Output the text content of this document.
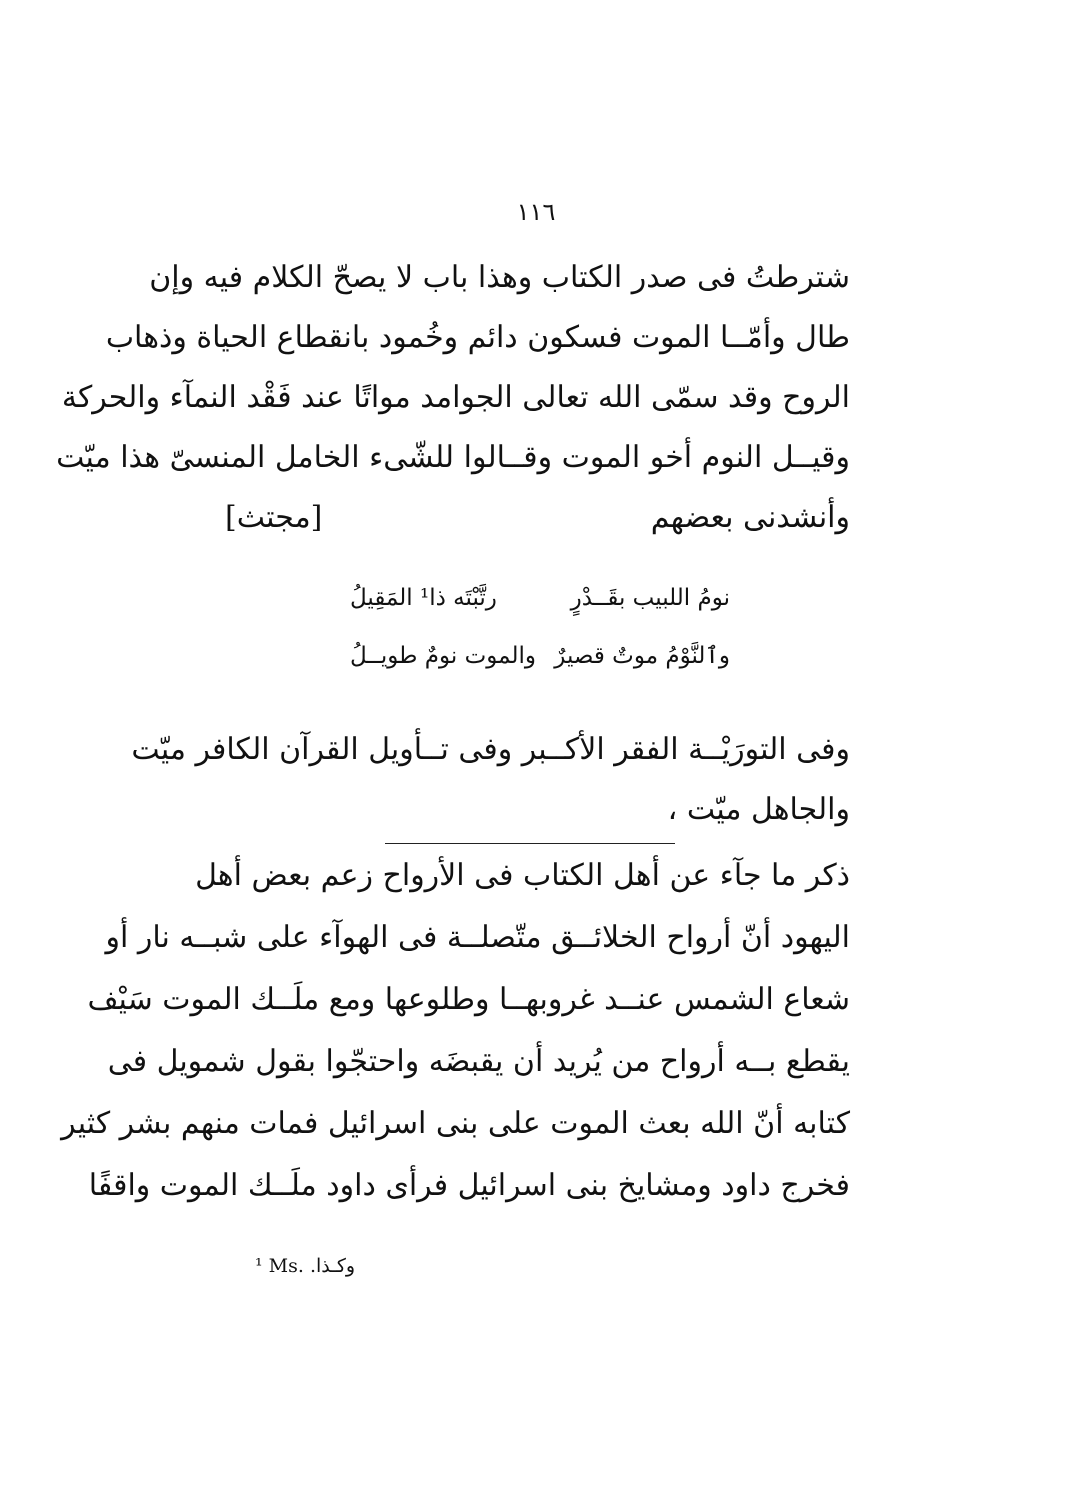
١١٦
شترطتُ فى صدر الكتاب وهذا باب لا يصحّ الكلام فيه وإن
طال وأمّــا الموت فسكون دائم وخُمود بانقطاع الحياة وذهاب
الروح وقد سمّى الله تعالى الجوامد مواتًا عند فَقْد النمآء والحركة
وقيــل النوم أخو الموت وقــالوا للشّىء الخامل المنسىّ هذا ميّت
وأنشدنى بعضهم
[مجتث]
نومُ اللبيب بقَــدْرٍ
رتَّبْتَه ذا¹ المَقِيلُ
وٱلنَّوْمُ موتٌ قصيرٌ
والموت نومٌ طويــلُ
وفى التورَيْــة الفقر الأكــبر وفى تــأويل القرآن الكافر ميّت
والجاهل ميّت ،
ذكر ما جآء عن أهل الكتاب فى الأرواح زعم بعض أهل
اليهود أنّ أرواح الخلائــق متّصلــة فى الهوآء على شبــه نار أو
شعاع الشمس عنــد غروبهــا وطلوعها ومع ملَــك الموت سَيْف
يقطع بــه أرواح من يُريد أن يقبضَه واحتجّوا بقول شمويل فى
كتابه أنّ الله بعث الموت على بنى اسرائيل فمات منهم بشر كثير
فخرج داود ومشايخ بنى اسرائيل فرأى داود ملَــك الموت واقفًا
¹ Ms. وكـذا.
